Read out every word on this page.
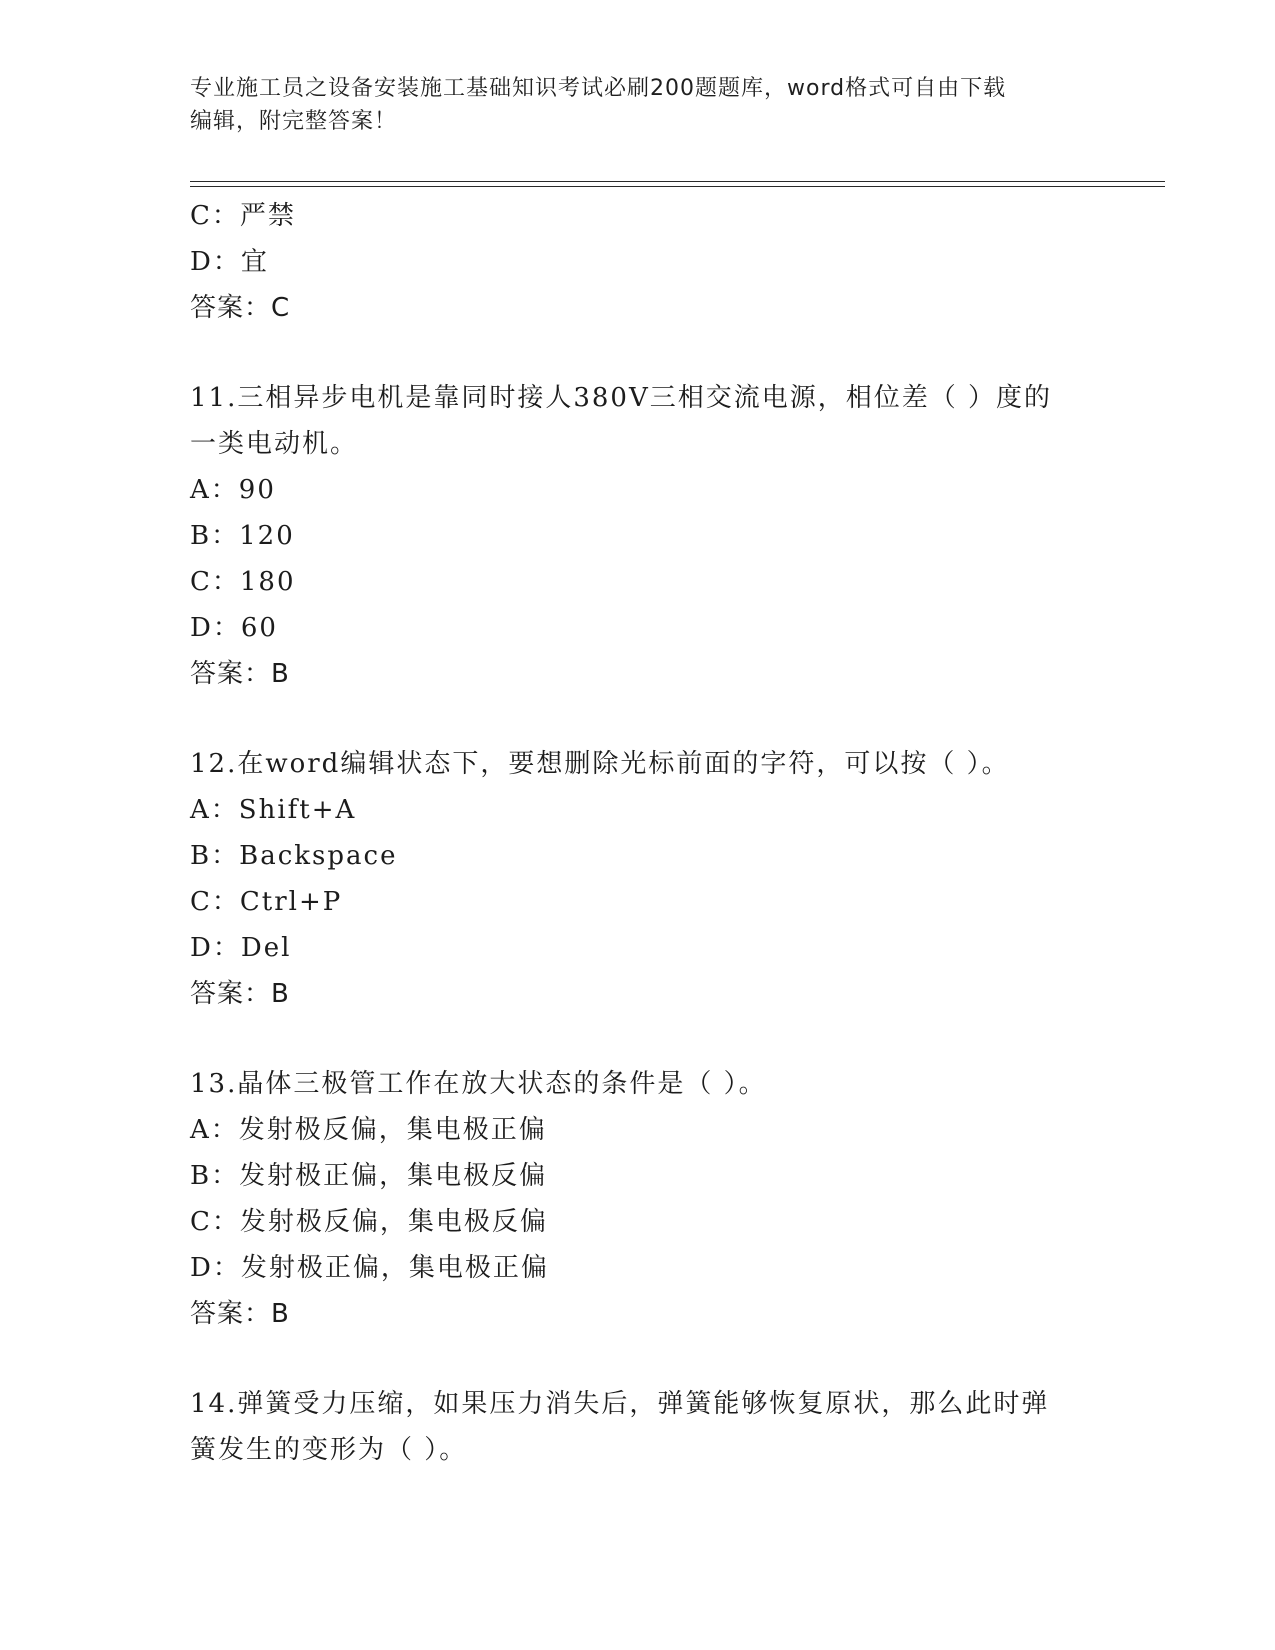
专业施工员之设备安装施工基础知识考试必刷200题题库，word格式可自由下载
编辑，附完整答案！
C：严禁
D：宜
答案：C
11.三相异步电机是靠同时接人380V三相交流电源，相位差（ ）度的
一类电动机。
A：90
B：120
C：180
D：60
答案：B
12.在word编辑状态下，要想删除光标前面的字符，可以按（ ）。
A：Shift+A
B：Backspace
C：Ctrl+P
D：Del
答案：B
13.晶体三极管工作在放大状态的条件是（ ）。
A：发射极反偏，集电极正偏
B：发射极正偏，集电极反偏
C：发射极反偏，集电极反偏
D：发射极正偏，集电极正偏
答案：B
14.弹簧受力压缩，如果压力消失后，弹簧能够恢复原状，那么此时弹
簧发生的变形为（ ）。
